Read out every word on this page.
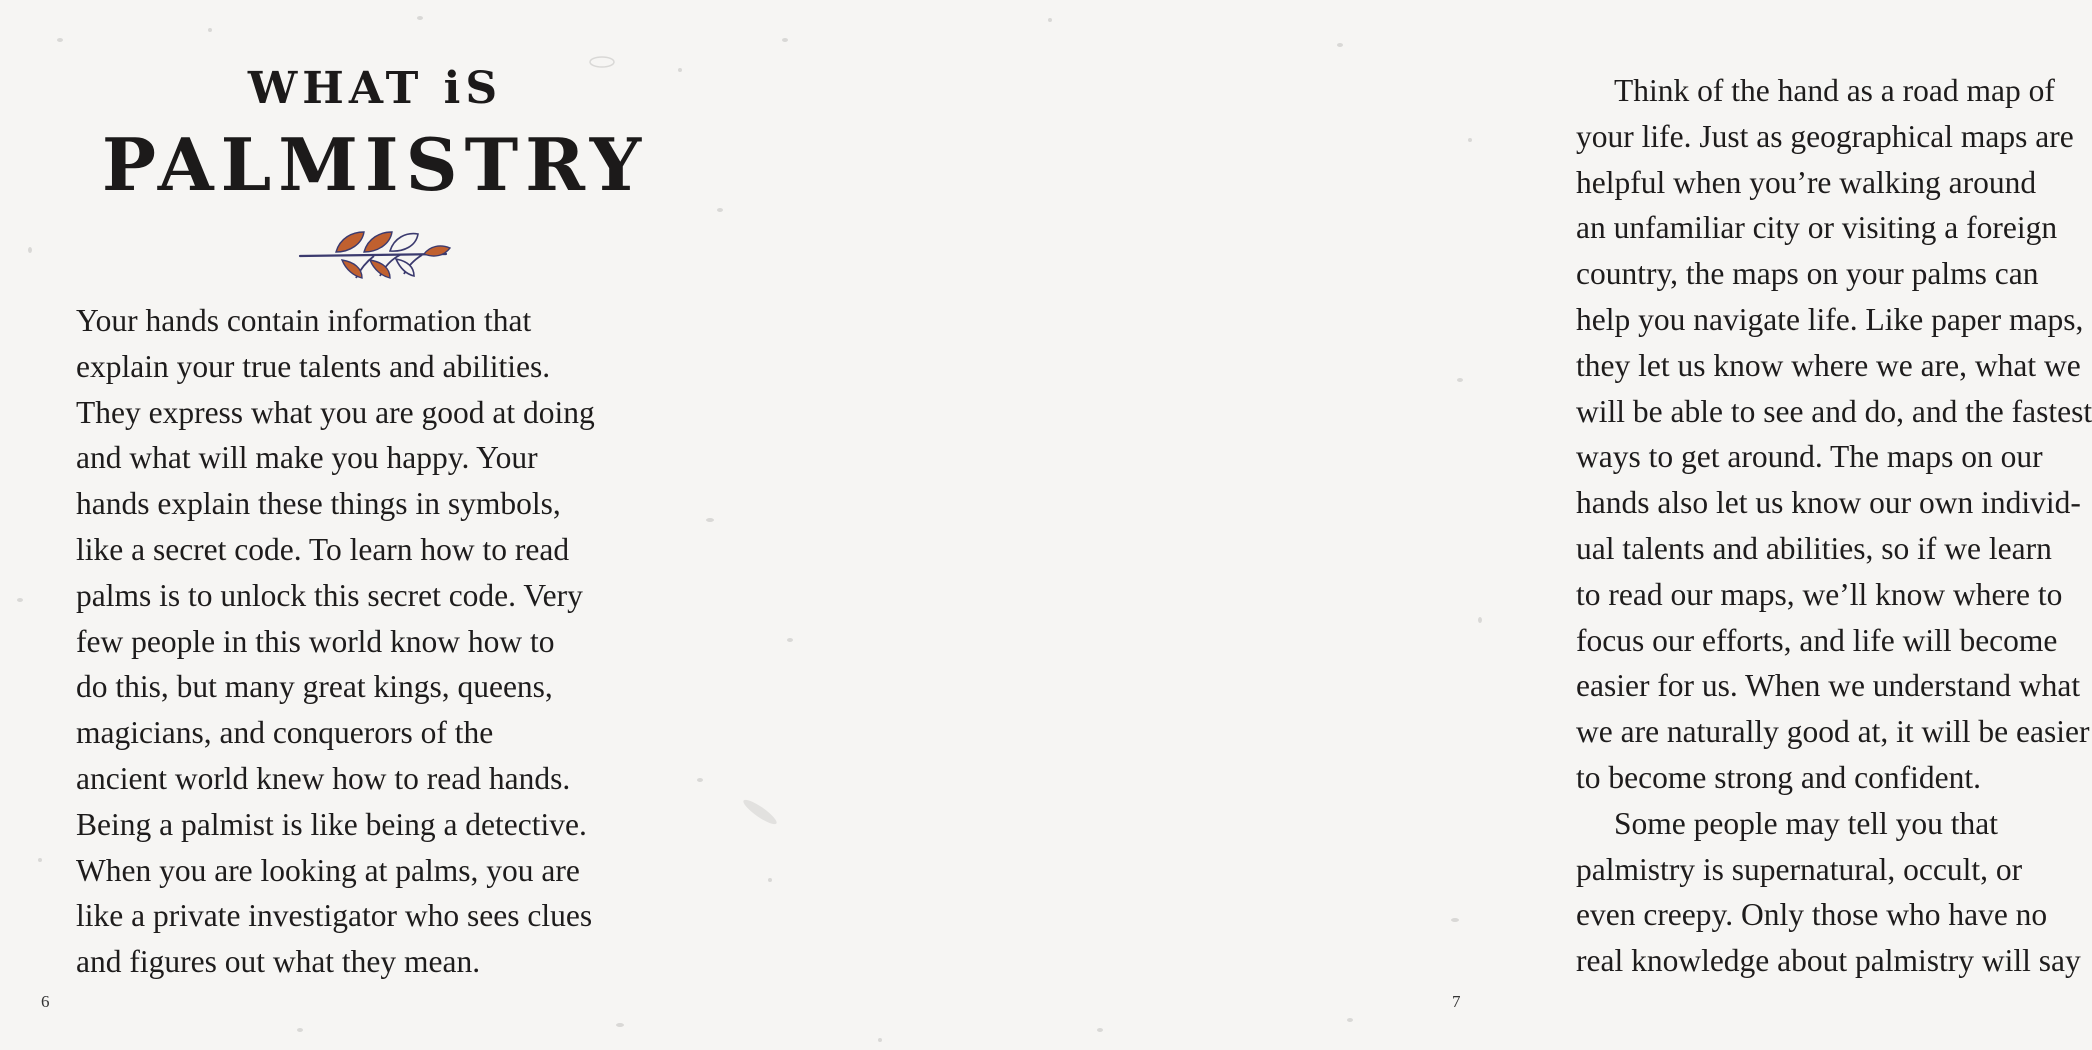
WHAT iS
PALMISTRY
Your hands contain information that
explain your true talents and abilities.
They express what you are good at doing
and what will make you happy. Your
hands explain these things in symbols,
like a secret code. To learn how to read
palms is to unlock this secret code. Very
few people in this world know how to
do this, but many great kings, queens,
magicians, and conquerors of the
ancient world knew how to read hands.
Being a palmist is like being a detective.
When you are looking at palms, you are
like a private investigator who sees clues
and figures out what they mean.
6
Think of the hand as a road map of
your life. Just as geographical maps are
helpful when you’re walking around
an unfamiliar city or visiting a foreign
country, the maps on your palms can
help you navigate life. Like paper maps,
they let us know where we are, what we
will be able to see and do, and the fastest
ways to get around. The maps on our
hands also let us know our own individ-
ual talents and abilities, so if we learn
to read our maps, we’ll know where to
focus our efforts, and life will become
easier for us. When we understand what
we are naturally good at, it will be easier
to become strong and confident.
Some people may tell you that
palmistry is supernatural, occult, or
even creepy. Only those who have no
real knowledge about palmistry will say
7
